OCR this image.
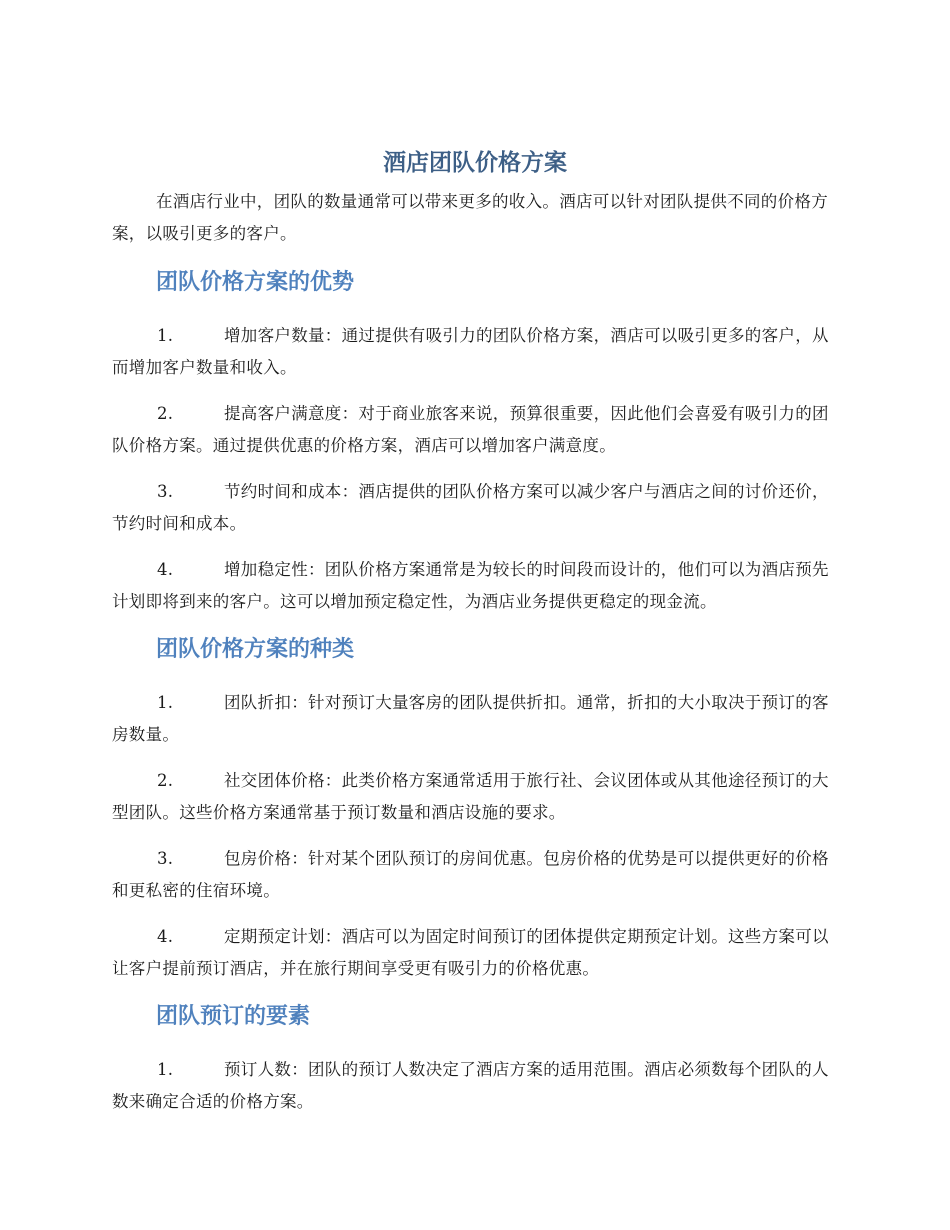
酒店团队价格方案

在酒店行业中，团队的数量通常可以带来更多的收入。酒店可以针对团队提供不同的价格方案，以吸引更多的客户。

团队价格方案的优势

1.	增加客户数量：通过提供有吸引力的团队价格方案，酒店可以吸引更多的客户，从而增加客户数量和收入。

2.	提高客户满意度：对于商业旅客来说，预算很重要，因此他们会喜爱有吸引力的团队价格方案。通过提供优惠的价格方案，酒店可以增加客户满意度。

3.	节约时间和成本：酒店提供的团队价格方案可以减少客户与酒店之间的讨价还价，节约时间和成本。

4.	增加稳定性：团队价格方案通常是为较长的时间段而设计的，他们可以为酒店预先计划即将到来的客户。这可以增加预定稳定性，为酒店业务提供更稳定的现金流。

团队价格方案的种类

1.	团队折扣：针对预订大量客房的团队提供折扣。通常，折扣的大小取决于预订的客房数量。

2.	社交团体价格：此类价格方案通常适用于旅行社、会议团体或从其他途径预订的大型团队。这些价格方案通常基于预订数量和酒店设施的要求。

3.	包房价格：针对某个团队预订的房间优惠。包房价格的优势是可以提供更好的价格和更私密的住宿环境。

4.	定期预定计划：酒店可以为固定时间预订的团体提供定期预定计划。这些方案可以让客户提前预订酒店，并在旅行期间享受更有吸引力的价格优惠。

团队预订的要素

1.	预订人数：团队的预订人数决定了酒店方案的适用范围。酒店必须数每个团队的人数来确定合适的价格方案。
